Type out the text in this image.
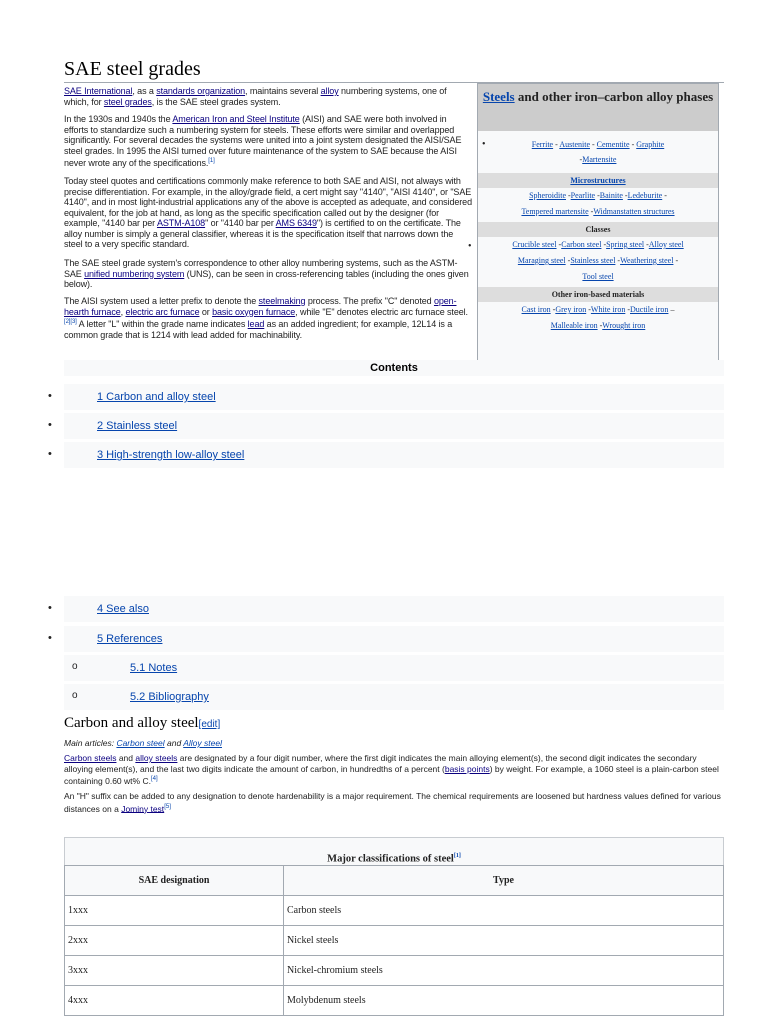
SAE steel grades

SAE International, as a standards organization, maintains several alloy numbering systems, one of which, for steel grades, is the SAE steel grades system.

In the 1930s and 1940s the American Iron and Steel Institute (AISI) and SAE were both involved in efforts to standardize such a numbering system for steels. These efforts were similar and overlapped significantly. For several decades the systems were united into a joint system designated the AISI/SAE steel grades. In 1995 the AISI turned over future maintenance of the system to SAE because the AISI never wrote any of the specifications.[1]

Today steel quotes and certifications commonly make reference to both SAE and AISI, not always with precise differentiation. For example, in the alloy/grade field, a cert might say "4140", "AISI 4140", or "SAE 4140", and in most light-industrial applications any of the above is accepted as adequate, and considered equivalent, for the job at hand, as long as the specific specification called out by the designer (for example, "4140 bar per ASTM-A108" or "4140 bar per AMS 6349") is certified to on the certificate. The alloy number is simply a general classifier, whereas it is the specification itself that narrows down the steel to a very specific standard.

The SAE steel grade system's correspondence to other alloy numbering systems, such as the ASTM-SAE unified numbering system (UNS), can be seen in cross-referencing tables (including the ones given below).

The AISI system used a letter prefix to denote the steelmaking process. The prefix "C" denoted open-hearth furnace, electric arc furnace or basic oxygen furnace, while "E" denotes electric arc furnace steel.[2][3] A letter "L" within the grade name indicates lead as an added ingredient; for example, 12L14 is a common grade that is 1214 with lead added for machinability.

Steels and other iron–carbon alloy phases
•	Ferrite - Austenite - Cementite - Graphite
-Martensite
Microstructures
Spheroidite -Pearlite -Bainite -Ledeburite -
Tempered martensite -Widmanstatten structures
Classes
•	Crucible steel -Carbon steel -Spring steel -Alloy steel
Maraging steel -Stainless steel -Weathering steel -
Tool steel
Other iron-based materials
Cast iron -Grey iron -White iron -Ductile iron –
Malleable iron -Wrought iron
Contents
•	1 Carbon and alloy steel
•	2 Stainless steel
•	3 High-strength low-alloy steel
•	4 See also
•	5 References
o	5.1 Notes
o	5.2 Bibliography
Carbon and alloy steel[edit]
Main articles: Carbon steel and Alloy steel

Carbon steels and alloy steels are designated by a four digit number, where the first digit indicates the main alloying element(s), the second digit indicates the secondary alloying element(s), and the last two digits indicate the amount of carbon, in hundredths of a percent (basis points) by weight. For example, a 1060 steel is a plain-carbon steel containing 0.60 wt% C.[4]

An "H" suffix can be added to any designation to denote hardenability is a major requirement. The chemical requirements are loosened but hardness values defined for various distances on a Jominy test[5]

Major classifications of steel[1]
SAE designation	Type
1xxx	Carbon steels
2xxx	Nickel steels
3xxx	Nickel-chromium steels
4xxx	Molybdenum steels
